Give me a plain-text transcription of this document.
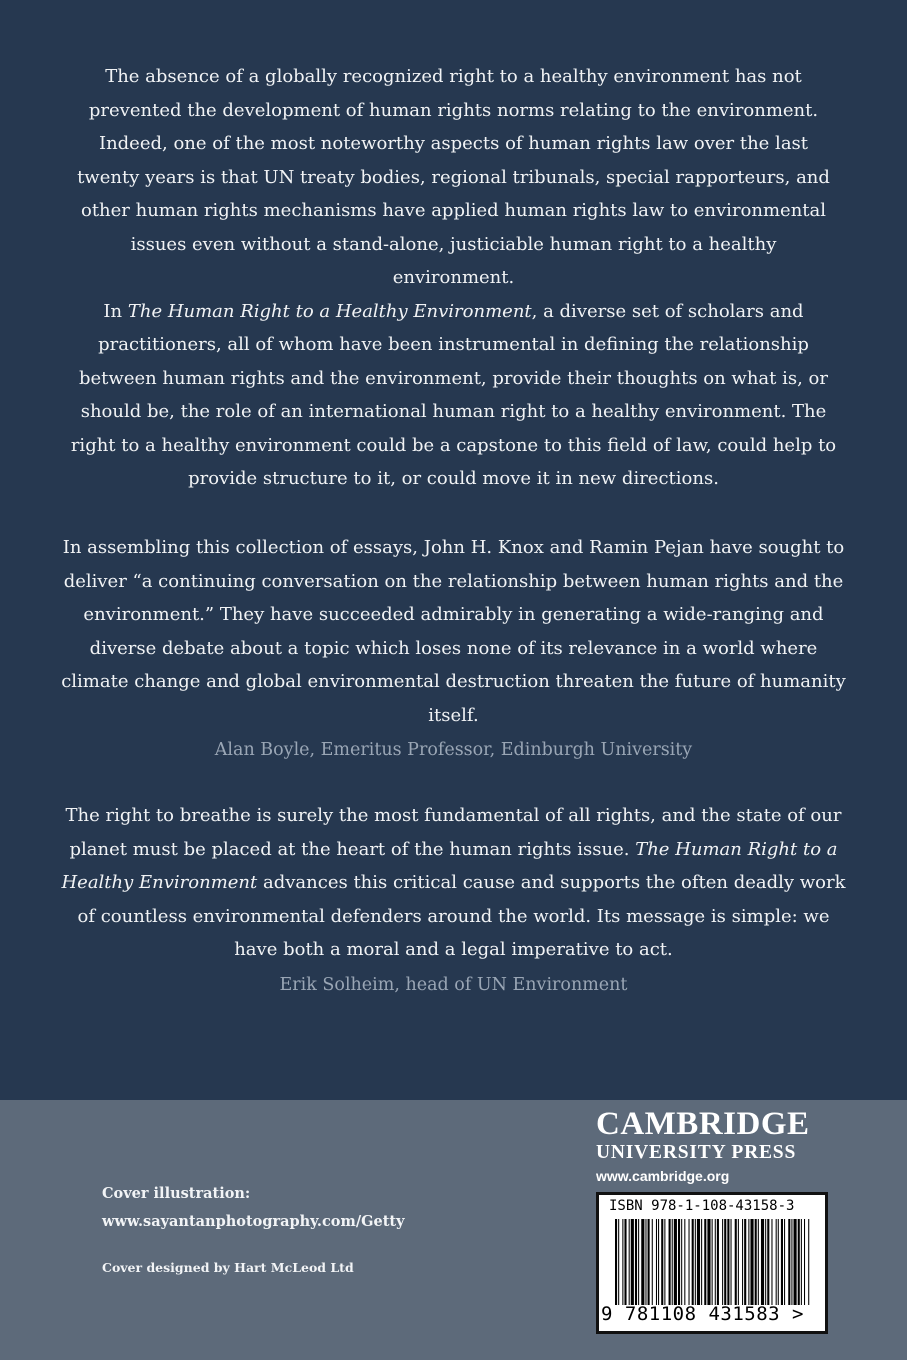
The absence of a globally recognized right to a healthy environment has not prevented the development of human rights norms relating to the environment. Indeed, one of the most noteworthy aspects of human rights law over the last twenty years is that UN treaty bodies, regional tribunals, special rapporteurs, and other human rights mechanisms have applied human rights law to environmental issues even without a stand-alone, justiciable human right to a healthy environment.

In The Human Right to a Healthy Environment, a diverse set of scholars and practitioners, all of whom have been instrumental in defining the relationship between human rights and the environment, provide their thoughts on what is, or should be, the role of an international human right to a healthy environment. The right to a healthy environment could be a capstone to this field of law, could help to provide structure to it, or could move it in new directions.

In assembling this collection of essays, John H. Knox and Ramin Pejan have sought to deliver “a continuing conversation on the relationship between human rights and the environment.” They have succeeded admirably in generating a wide-ranging and diverse debate about a topic which loses none of its relevance in a world where climate change and global environmental destruction threaten the future of humanity itself.

Alan Boyle, Emeritus Professor, Edinburgh University

The right to breathe is surely the most fundamental of all rights, and the state of our planet must be placed at the heart of the human rights issue. The Human Right to a Healthy Environment advances this critical cause and supports the often deadly work of countless environmental defenders around the world. Its message is simple: we have both a moral and a legal imperative to act.

Erik Solheim, head of UN Environment
Cover illustration:
www.sayantanphotography.com/Getty
Cover designed by Hart McLeod Ltd
CAMBRIDGE
UNIVERSITY PRESS
www.cambridge.org
ISBN 978-1-108-43158-3
9 781108 431583 >
